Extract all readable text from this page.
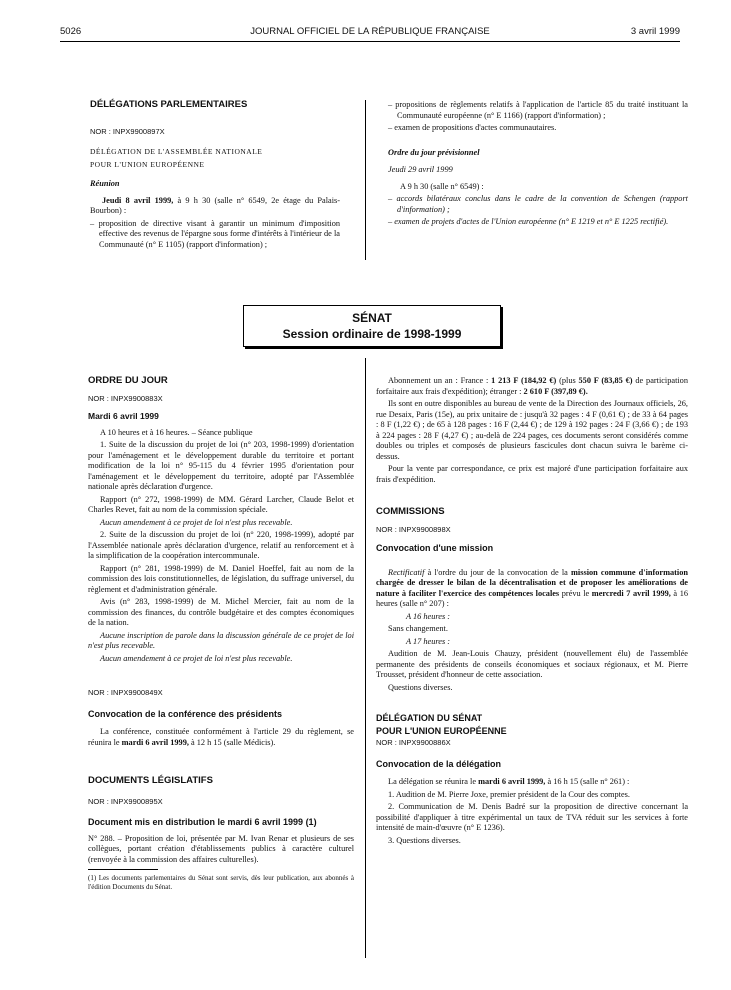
5026	JOURNAL OFFICIEL DE LA RÉPUBLIQUE FRANÇAISE	3 avril 1999

DÉLÉGATIONS PARLEMENTAIRES

NOR : INPX9900897X

DÉLÉGATION DE L'ASSEMBLÉE NATIONALE

POUR L'UNION EUROPÉENNE

Réunion

Jeudi 8 avril 1999, à 9 h 30 (salle n° 6549, 2e étage du Palais-Bourbon) :

– proposition de directive visant à garantir un minimum d'imposition effective des revenus de l'épargne sous forme d'intérêts à l'intérieur de la Communauté (n° E 1105) (rapport d'information) ;

– propositions de règlements relatifs à l'application de l'article 85 du traité instituant la Communauté européenne (n° E 1166) (rapport d'information) ;

– examen de propositions d'actes communautaires.

Ordre du jour prévisionnel

Jeudi 29 avril 1999

A 9 h 30 (salle n° 6549) :

– accords bilatéraux conclus dans le cadre de la convention de Schengen (rapport d'information) ;

– examen de projets d'actes de l'Union européenne (n° E 1219 et n° E 1225 rectifié).

SÉNAT
Session ordinaire de 1998-1999

ORDRE DU JOUR

NOR : INPX9900883X

Mardi 6 avril 1999

A 10 heures et à 16 heures. – Séance publique

1. Suite de la discussion du projet de loi (n° 203, 1998-1999) d'orientation pour l'aménagement et le développement durable du territoire et portant modification de la loi n° 95-115 du 4 février 1995 d'orientation pour l'aménagement et le développement du territoire, adopté par l'Assemblée nationale après déclaration d'urgence.

Rapport (n° 272, 1998-1999) de MM. Gérard Larcher, Claude Belot et Charles Revet, fait au nom de la commission spéciale.

Aucun amendement à ce projet de loi n'est plus recevable.

2. Suite de la discussion du projet de loi (n° 220, 1998-1999), adopté par l'Assemblée nationale après déclaration d'urgence, relatif au renforcement et à la simplification de la coopération intercommunale.

Rapport (n° 281, 1998-1999) de M. Daniel Hoeffel, fait au nom de la commission des lois constitutionnelles, de législation, du suffrage universel, du règlement et d'administration générale.

Avis (n° 283, 1998-1999) de M. Michel Mercier, fait au nom de la commission des finances, du contrôle budgétaire et des comptes économiques de la nation.

Aucune inscription de parole dans la discussion générale de ce projet de loi n'est plus recevable.

Aucun amendement à ce projet de loi n'est plus recevable.

NOR : INPX9900849X

Convocation de la conférence des présidents

La conférence, constituée conformément à l'article 29 du règlement, se réunira le mardi 6 avril 1999, à 12 h 15 (salle Médicis).

DOCUMENTS LÉGISLATIFS

NOR : INPX9900895X

Document mis en distribution le mardi 6 avril 1999 (1)

N° 288. – Proposition de loi, présentée par M. Ivan Renar et plusieurs de ses collègues, portant création d'établissements publics à caractère culturel (renvoyée à la commission des affaires culturelles).

(1) Les documents parlementaires du Sénat sont servis, dès leur publication, aux abonnés à l'édition Documents du Sénat.

Abonnement un an : France : 1 213 F (184,92 €) (plus 550 F (83,85 €) de participation forfaitaire aux frais d'expédition); étranger : 2 610 F (397,89 €).

Ils sont en outre disponibles au bureau de vente de la Direction des Journaux officiels, 26, rue Desaix, Paris (15e), au prix unitaire de : jusqu'à 32 pages : 4 F (0,61 €) ; de 33 à 64 pages : 8 F (1,22 €) ; de 65 à 128 pages : 16 F (2,44 €) ; de 129 à 192 pages : 24 F (3,66 €) ; de 193 à 224 pages : 28 F (4,27 €) ; au-delà de 224 pages, ces documents seront considérés comme doubles ou triples et composés de plusieurs fascicules dont chacun suivra le barème ci-dessus.

Pour la vente par correspondance, ce prix est majoré d'une participation forfaitaire aux frais d'expédition.

COMMISSIONS

NOR : INPX9900898X

Convocation d'une mission

Rectificatif à l'ordre du jour de la convocation de la mission commune d'information chargée de dresser le bilan de la décentralisation et de proposer les améliorations de nature à faciliter l'exercice des compétences locales prévu le mercredi 7 avril 1999, à 16 heures (salle n° 207) :

A 16 heures :

Sans changement.

A 17 heures :

Audition de M. Jean-Louis Chauzy, président (nouvellement élu) de l'assemblée permanente des présidents de conseils économiques et sociaux régionaux, et M. Pierre Trousset, président d'honneur de cette association.

Questions diverses.

DÉLÉGATION DU SÉNAT

POUR L'UNION EUROPÉENNE

NOR : INPX9900886X

Convocation de la délégation

La délégation se réunira le mardi 6 avril 1999, à 16 h 15 (salle n° 261) :

1. Audition de M. Pierre Joxe, premier président de la Cour des comptes.

2. Communication de M. Denis Badré sur la proposition de directive concernant la possibilité d'appliquer à titre expérimental un taux de TVA réduit sur les services à forte intensité de main-d'œuvre (n° E 1236).

3. Questions diverses.
